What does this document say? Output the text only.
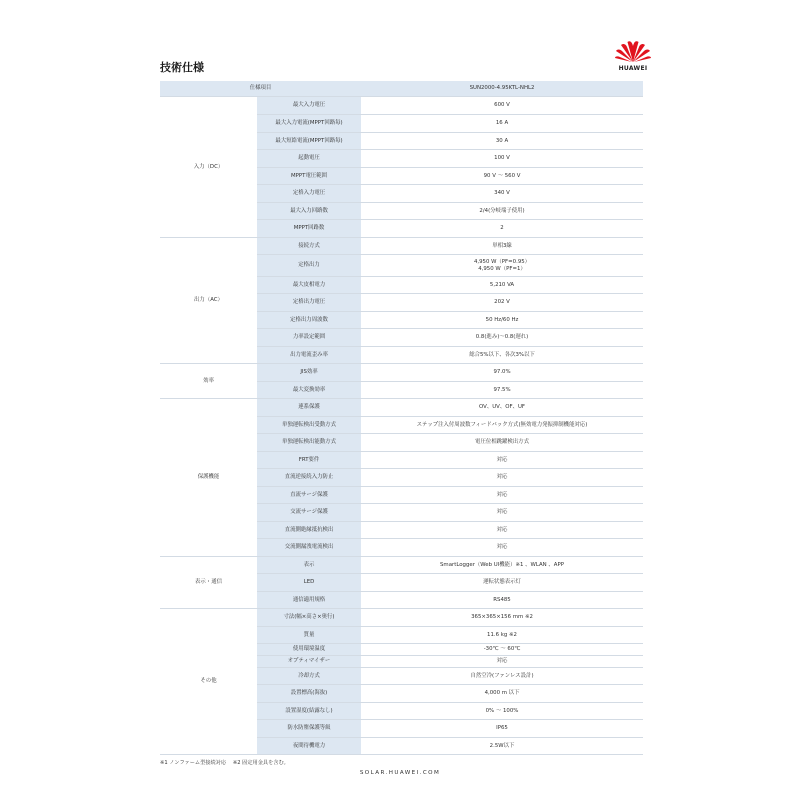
技術仕様	HUAWEI
仕様項目		SUN2000-4.95KTL-NHL2
入力（DC）	最大入力電圧	600 V
	最大入力電流(MPPT回路毎)	16 A
	最大短絡電流(MPPT回路毎)	30 A
	起動電圧	100 V
	MPPT電圧範囲	90 V ～ 560 V
	定格入力電圧	340 V
	最大入力回路数	2/4(分岐端子使用)
	MPPT回路数	2
出力（AC）	接続方式	単相3線
	定格出力	4,950 W（PF=0.95）
4,950 W（PF=1）
	最大皮相電力	5,210 VA
	定格出力電圧	202 V
	定格出力周波数	50 Hz/60 Hz
	力率設定範囲	0.8(進み)～0.8(遅れ)
	出力電流歪み率	総合5%以下、各次3%以下
効率	JIS効率	97.0%
	最大変換効率	97.5%
保護機能	連系保護	OV、UV、OF、UF
	単独運転検出受動方式	ステップ注入付周波数フィードバック方式(無効電力発振抑制機能対応)
	単独運転検出能動方式	電圧位相跳躍検出方式
	FRT要件	対応
	直流逆接続入力防止	対応
	直流サージ保護	対応
	交流サージ保護	対応
	直流側絶縁抵抗検出	対応
	交流側漏洩電流検出	対応
表示・通信	表示	SmartLogger（Web UI機能）※1 、WLAN 、APP
	LED	運転状態表示灯
	通信適用規格	RS485
その他	寸法(幅×高さ×奥行)	365×365×156 mm ※2
	質量	11.6 kg ※2
	使用環境温度	-30℃ ～ 60℃
	オプティマイザー	対応
	冷却方式	自然空冷(ファンレス設計)
	設置標高(海抜)	4,000 m 以下
	設置湿度(結露なし)	0% ～ 100%
	防水防塵保護等級	IP65
	夜間待機電力	2.5W以下
※1 ノンファーム型接続対応　 ※2 固定用金具を含む。
SOLAR.HUAWEI.COM
